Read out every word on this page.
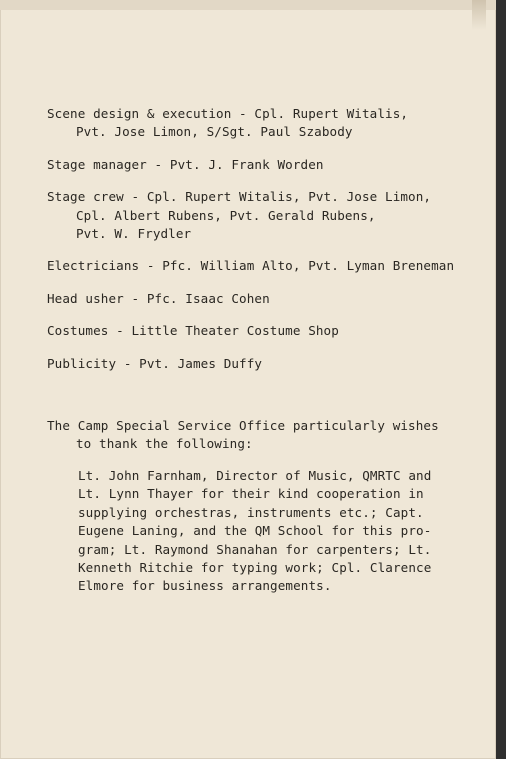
Scene design & execution - Cpl. Rupert Witalis,
Pvt. Jose Limon, S/Sgt. Paul Szabody
Stage manager - Pvt. J. Frank Worden
Stage crew - Cpl. Rupert Witalis, Pvt. Jose Limon,
Cpl. Albert Rubens, Pvt. Gerald Rubens,
Pvt. W. Frydler
Electricians - Pfc. William Alto, Pvt. Lyman Breneman
Head usher - Pfc. Isaac Cohen
Costumes - Little Theater Costume Shop
Publicity - Pvt. James Duffy
The Camp Special Service Office particularly wishes
to thank the following:
Lt. John Farnham, Director of Music, QMRTC and
Lt. Lynn Thayer for their kind cooperation in
supplying orchestras, instruments etc.; Capt.
Eugene Laning, and the QM School for this pro-
gram; Lt. Raymond Shanahan for carpenters; Lt.
Kenneth Ritchie for typing work; Cpl. Clarence
Elmore for business arrangements.
